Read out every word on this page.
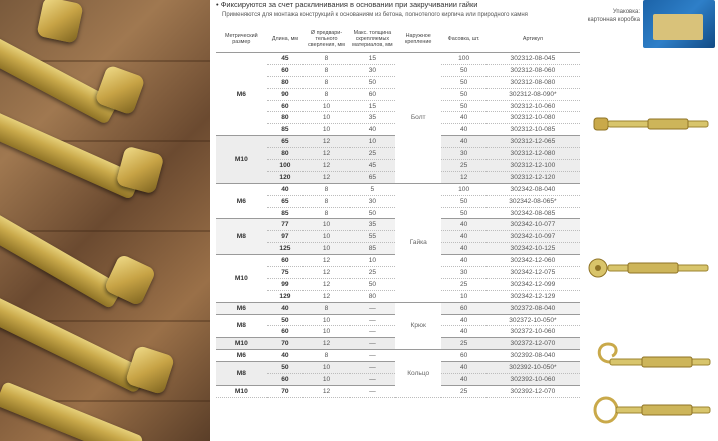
• Фиксируются за счет расклинивания в основании при закручивании гайки
Применяются для монтажа конструкций к основаниям из бетона, полнотелого кирпича или природного камня	Упаковка:
картонная коробка
Метрический размер	Длина, мм	Ø предвари-тельного сверления, мм	Макс. толщина скрепляемых материалов, мм	Наружное крепление	Фасовка, шт.	Артикул
M6	45	8	15	Болт	100	302312-08-045
	60	8	30		50	302312-08-060
	80	8	50		50	302312-08-080
	90	8	60		50	302312-08-090*
	60	10	15		50	302312-10-060
	80	10	35		40	302312-10-080
	85	10	40		40	302312-10-085
M10	65	12	10		40	302312-12-065
	80	12	25		30	302312-12-080
	100	12	45		25	302312-12-100
	120	12	65		12	302312-12-120
M6	40	8	5	Гайка	100	302342-08-040
	65	8	30		50	302342-08-065*
	85	8	50		50	302342-08-085
M8	77	10	35		40	302342-10-077
	97	10	55		40	302342-10-097
	125	10	85		40	302342-10-125
M10	60	12	10		40	302342-12-060
	75	12	25		30	302342-12-075
	99	12	50		25	302342-12-099
	129	12	80		10	302342-12-129
M6	40	8	—	Крюк	60	302372-08-040
M8	50	10	—		40	302372-10-050*
	60	10	—		40	302372-10-060
M10	70	12	—		25	302372-12-070
M6	40	8	—	Кольцо	60	302392-08-040
M8	50	10	—		40	302392-10-050*
	60	10	—		40	302392-10-060
M10	70	12	—		25	302392-12-070
